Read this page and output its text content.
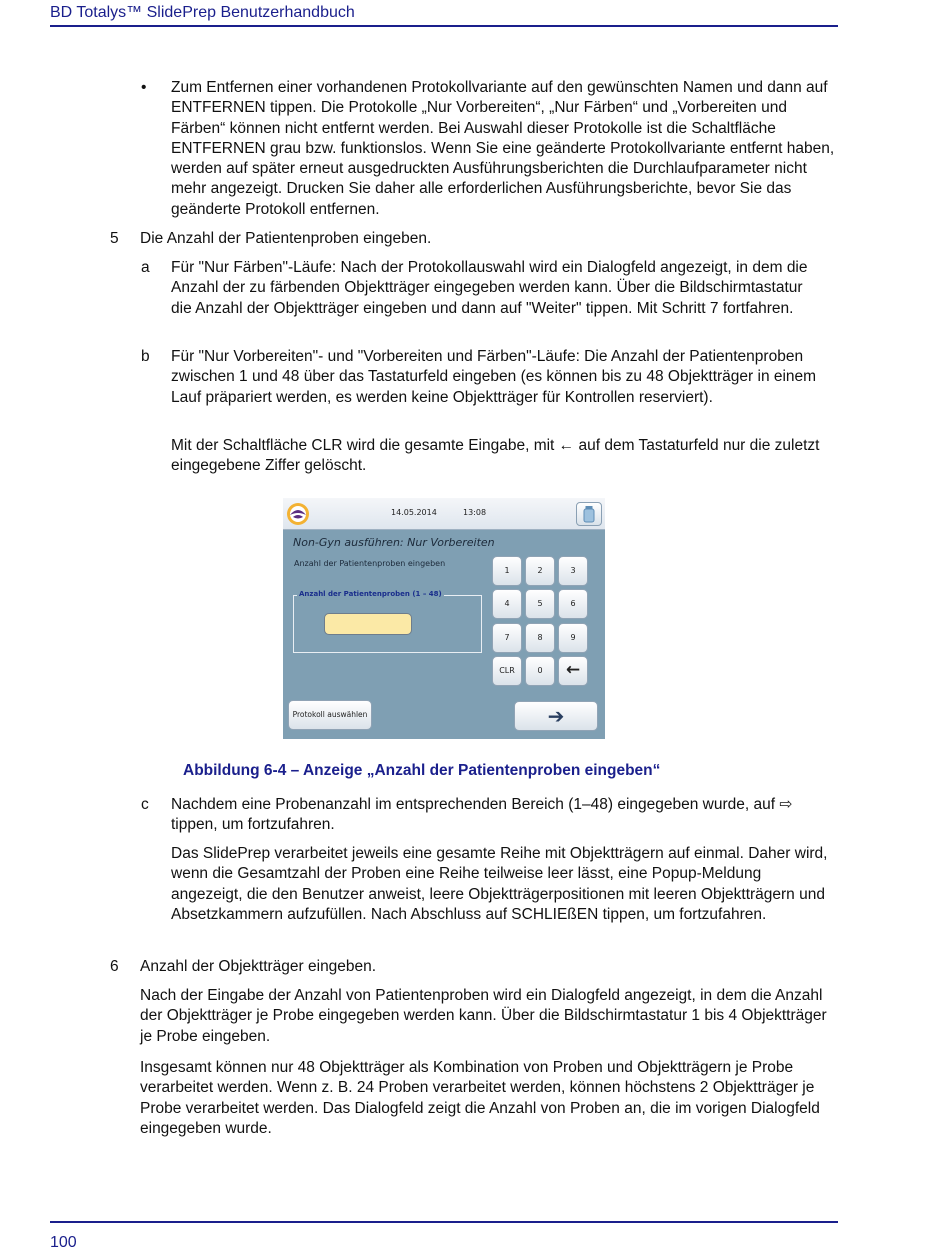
BD Totalys™ SlidePrep Benutzerhandbuch
• Zum Entfernen einer vorhandenen Protokollvariante auf den gewünschten Namen und dann auf ENTFERNEN tippen. Die Protokolle „Nur Vorbereiten“, „Nur Färben“ und „Vorbereiten und Färben“ können nicht entfernt werden. Bei Auswahl dieser Protokolle ist die Schaltfläche ENTFERNEN grau bzw. funktionslos. Wenn Sie eine geänderte Protokollvariante entfernt haben, werden auf später erneut ausgedruckten Ausführungsberichten die Durchlaufparameter nicht mehr angezeigt. Drucken Sie daher alle erforderlichen Ausführungsberichte, bevor Sie das geänderte Protokoll entfernen.

5 Die Anzahl der Patientenproben eingeben.

a Für "Nur Färben"-Läufe: Nach der Protokollauswahl wird ein Dialogfeld angezeigt, in dem die Anzahl der zu färbenden Objektträger eingegeben werden kann. Über die Bildschirmtastatur die Anzahl der Objektträger eingeben und dann auf "Weiter" tippen. Mit Schritt 7 fortfahren.

b Für "Nur Vorbereiten"- und "Vorbereiten und Färben"-Läufe: Die Anzahl der Patientenproben zwischen 1 und 48 über das Tastaturfeld eingeben (es können bis zu 48 Objektträger in einem Lauf präpariert werden, es werden keine Objektträger für Kontrollen reserviert).

Mit der Schaltfläche CLR wird die gesamte Eingabe, mit ← auf dem Tastaturfeld nur die zuletzt eingegebene Ziffer gelöscht.

14.05.2014	13:08
Non-Gyn ausführen: Nur Vorbereiten
Anzahl der Patientenproben eingeben
Anzahl der Patientenproben (1 – 48)
1	2	3
4	5	6
7	8	9
CLR	0	←
Protokoll auswählen	➔
Abbildung 6-4 – Anzeige „Anzahl der Patientenproben eingeben“
c Nachdem eine Probenanzahl im entsprechenden Bereich (1–48) eingegeben wurde, auf ⇨ tippen, um fortzufahren.

Das SlidePrep verarbeitet jeweils eine gesamte Reihe mit Objektträgern auf einmal. Daher wird, wenn die Gesamtzahl der Proben eine Reihe teilweise leer lässt, eine Popup-Meldung angezeigt, die den Benutzer anweist, leere Objektträgerpositionen mit leeren Objektträgern und Absetzkammern aufzufüllen. Nach Abschluss auf SCHLIEßEN tippen, um fortzufahren.

6 Anzahl der Objektträger eingeben.

Nach der Eingabe der Anzahl von Patientenproben wird ein Dialogfeld angezeigt, in dem die Anzahl der Objektträger je Probe eingegeben werden kann. Über die Bildschirmtastatur 1 bis 4 Objektträger je Probe eingeben.

Insgesamt können nur 48 Objektträger als Kombination von Proben und Objektträgern je Probe verarbeitet werden. Wenn z. B. 24 Proben verarbeitet werden, können höchstens 2 Objektträger je Probe verarbeitet werden. Das Dialogfeld zeigt die Anzahl von Proben an, die im vorigen Dialogfeld eingegeben wurde.

100
